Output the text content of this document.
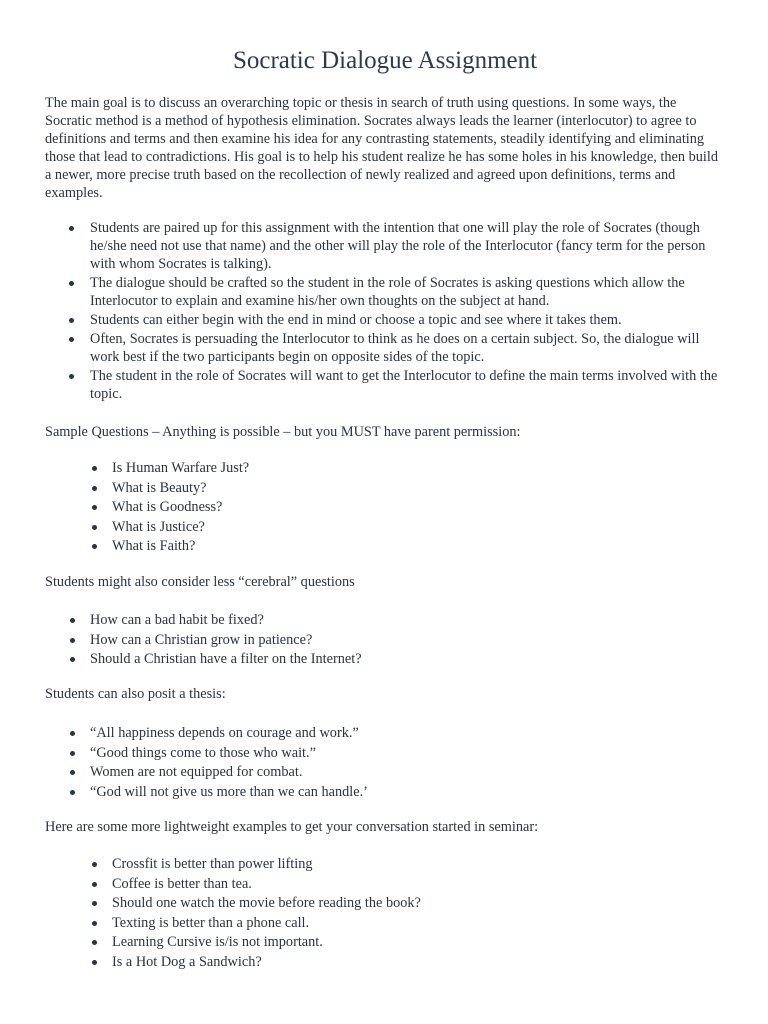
Socratic Dialogue Assignment

The main goal is to discuss an overarching topic or thesis in search of truth using questions. In some ways, the Socratic method is a method of hypothesis elimination. Socrates always leads the learner (interlocutor) to agree to definitions and terms and then examine his idea for any contrasting statements, steadily identifying and eliminating those that lead to contradictions. His goal is to help his student realize he has some holes in his knowledge, then build a newer, more precise truth based on the recollection of newly realized and agreed upon definitions, terms and examples.

Students are paired up for this assignment with the intention that one will play the role of Socrates (though he/she need not use that name) and the other will play the role of the Interlocutor (fancy term for the person with whom Socrates is talking).
The dialogue should be crafted so the student in the role of Socrates is asking questions which allow the Interlocutor to explain and examine his/her own thoughts on the subject at hand.
Students can either begin with the end in mind or choose a topic and see where it takes them.
Often, Socrates is persuading the Interlocutor to think as he does on a certain subject. So, the dialogue will work best if the two participants begin on opposite sides of the topic.
The student in the role of Socrates will want to get the Interlocutor to define the main terms involved with the topic.

Sample Questions – Anything is possible – but you MUST have parent permission:

Is Human Warfare Just?
What is Beauty?
What is Goodness?
What is Justice?
What is Faith?

Students might also consider less “cerebral” questions

How can a bad habit be fixed?
How can a Christian grow in patience?
Should a Christian have a filter on the Internet?

Students can also posit a thesis:

“All happiness depends on courage and work.”
“Good things come to those who wait.”
Women are not equipped for combat.
“God will not give us more than we can handle.’

Here are some more lightweight examples to get your conversation started in seminar:

Crossfit is better than power lifting
Coffee is better than tea.
Should one watch the movie before reading the book?
Texting is better than a phone call.
Learning Cursive is/is not important.
Is a Hot Dog a Sandwich?
